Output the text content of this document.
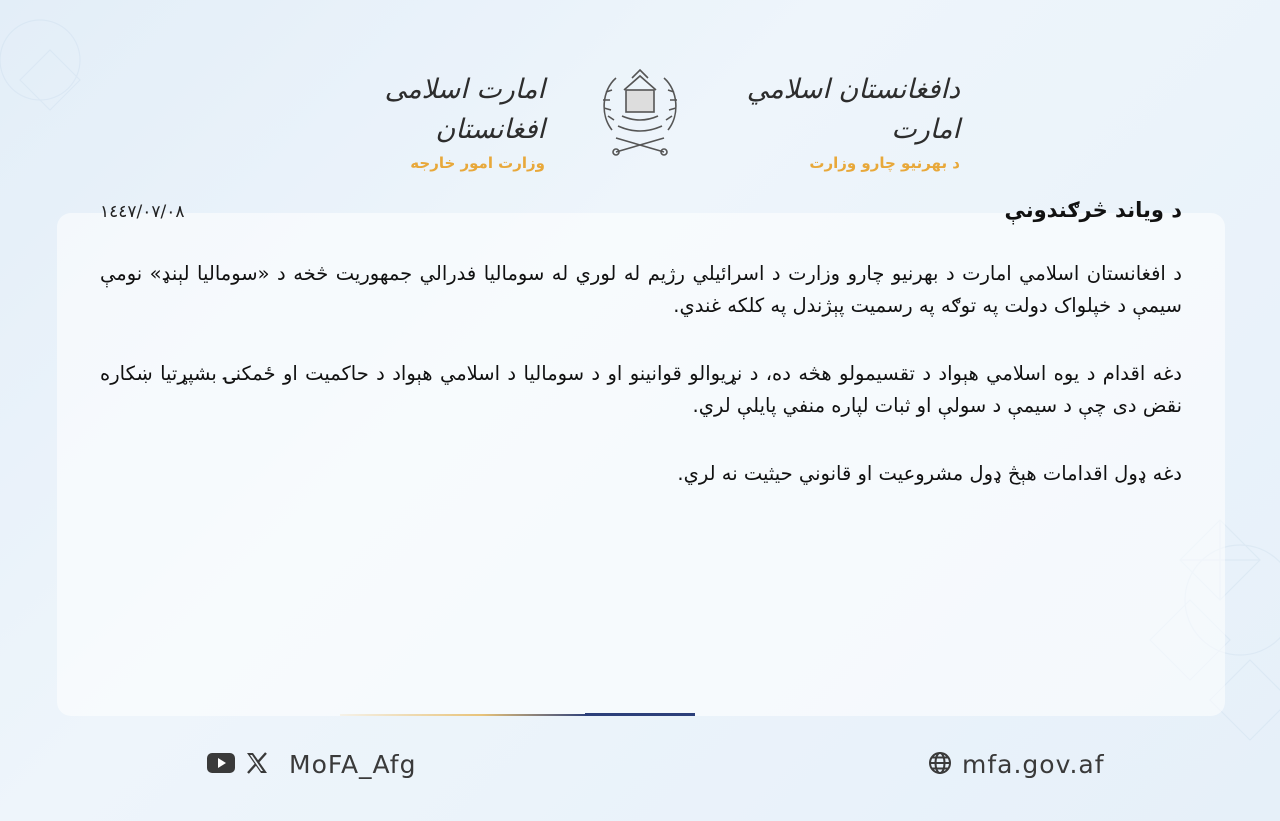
امارت اسلامی افغانستان
وزارت امور خارجه
دافغانستان اسلامي امارت
د بهرنیو چارو وزارت
د وياند څرګندونې
١٤٤٧/٠٧/٠٨

د افغانستان اسلامي امارت د بهرنيو چارو وزارت د اسرائيلي رژيم له لوري له سوماليا فدرالي جمهوريت څخه د «سوماليا لېنډ» نومې سيمې د خپلواک دولت په توګه په رسميت پېژندل په کلکه غندي.

دغه اقدام د يوه اسلامي هېواد د تقسيمولو هڅه ده، د نړيوالو قوانينو او د سوماليا د اسلامي هېواد د حاکميت او ځمکنۍ بشپړتيا ښکاره نقض دی چې د سيمې د سولې او ثبات لپاره منفي پايلې لري.

دغه ډول اقدامات هېڅ ډول مشروعيت او قانوني حيثيت نه لري.

MoFA_Afg	mfa.gov.af
